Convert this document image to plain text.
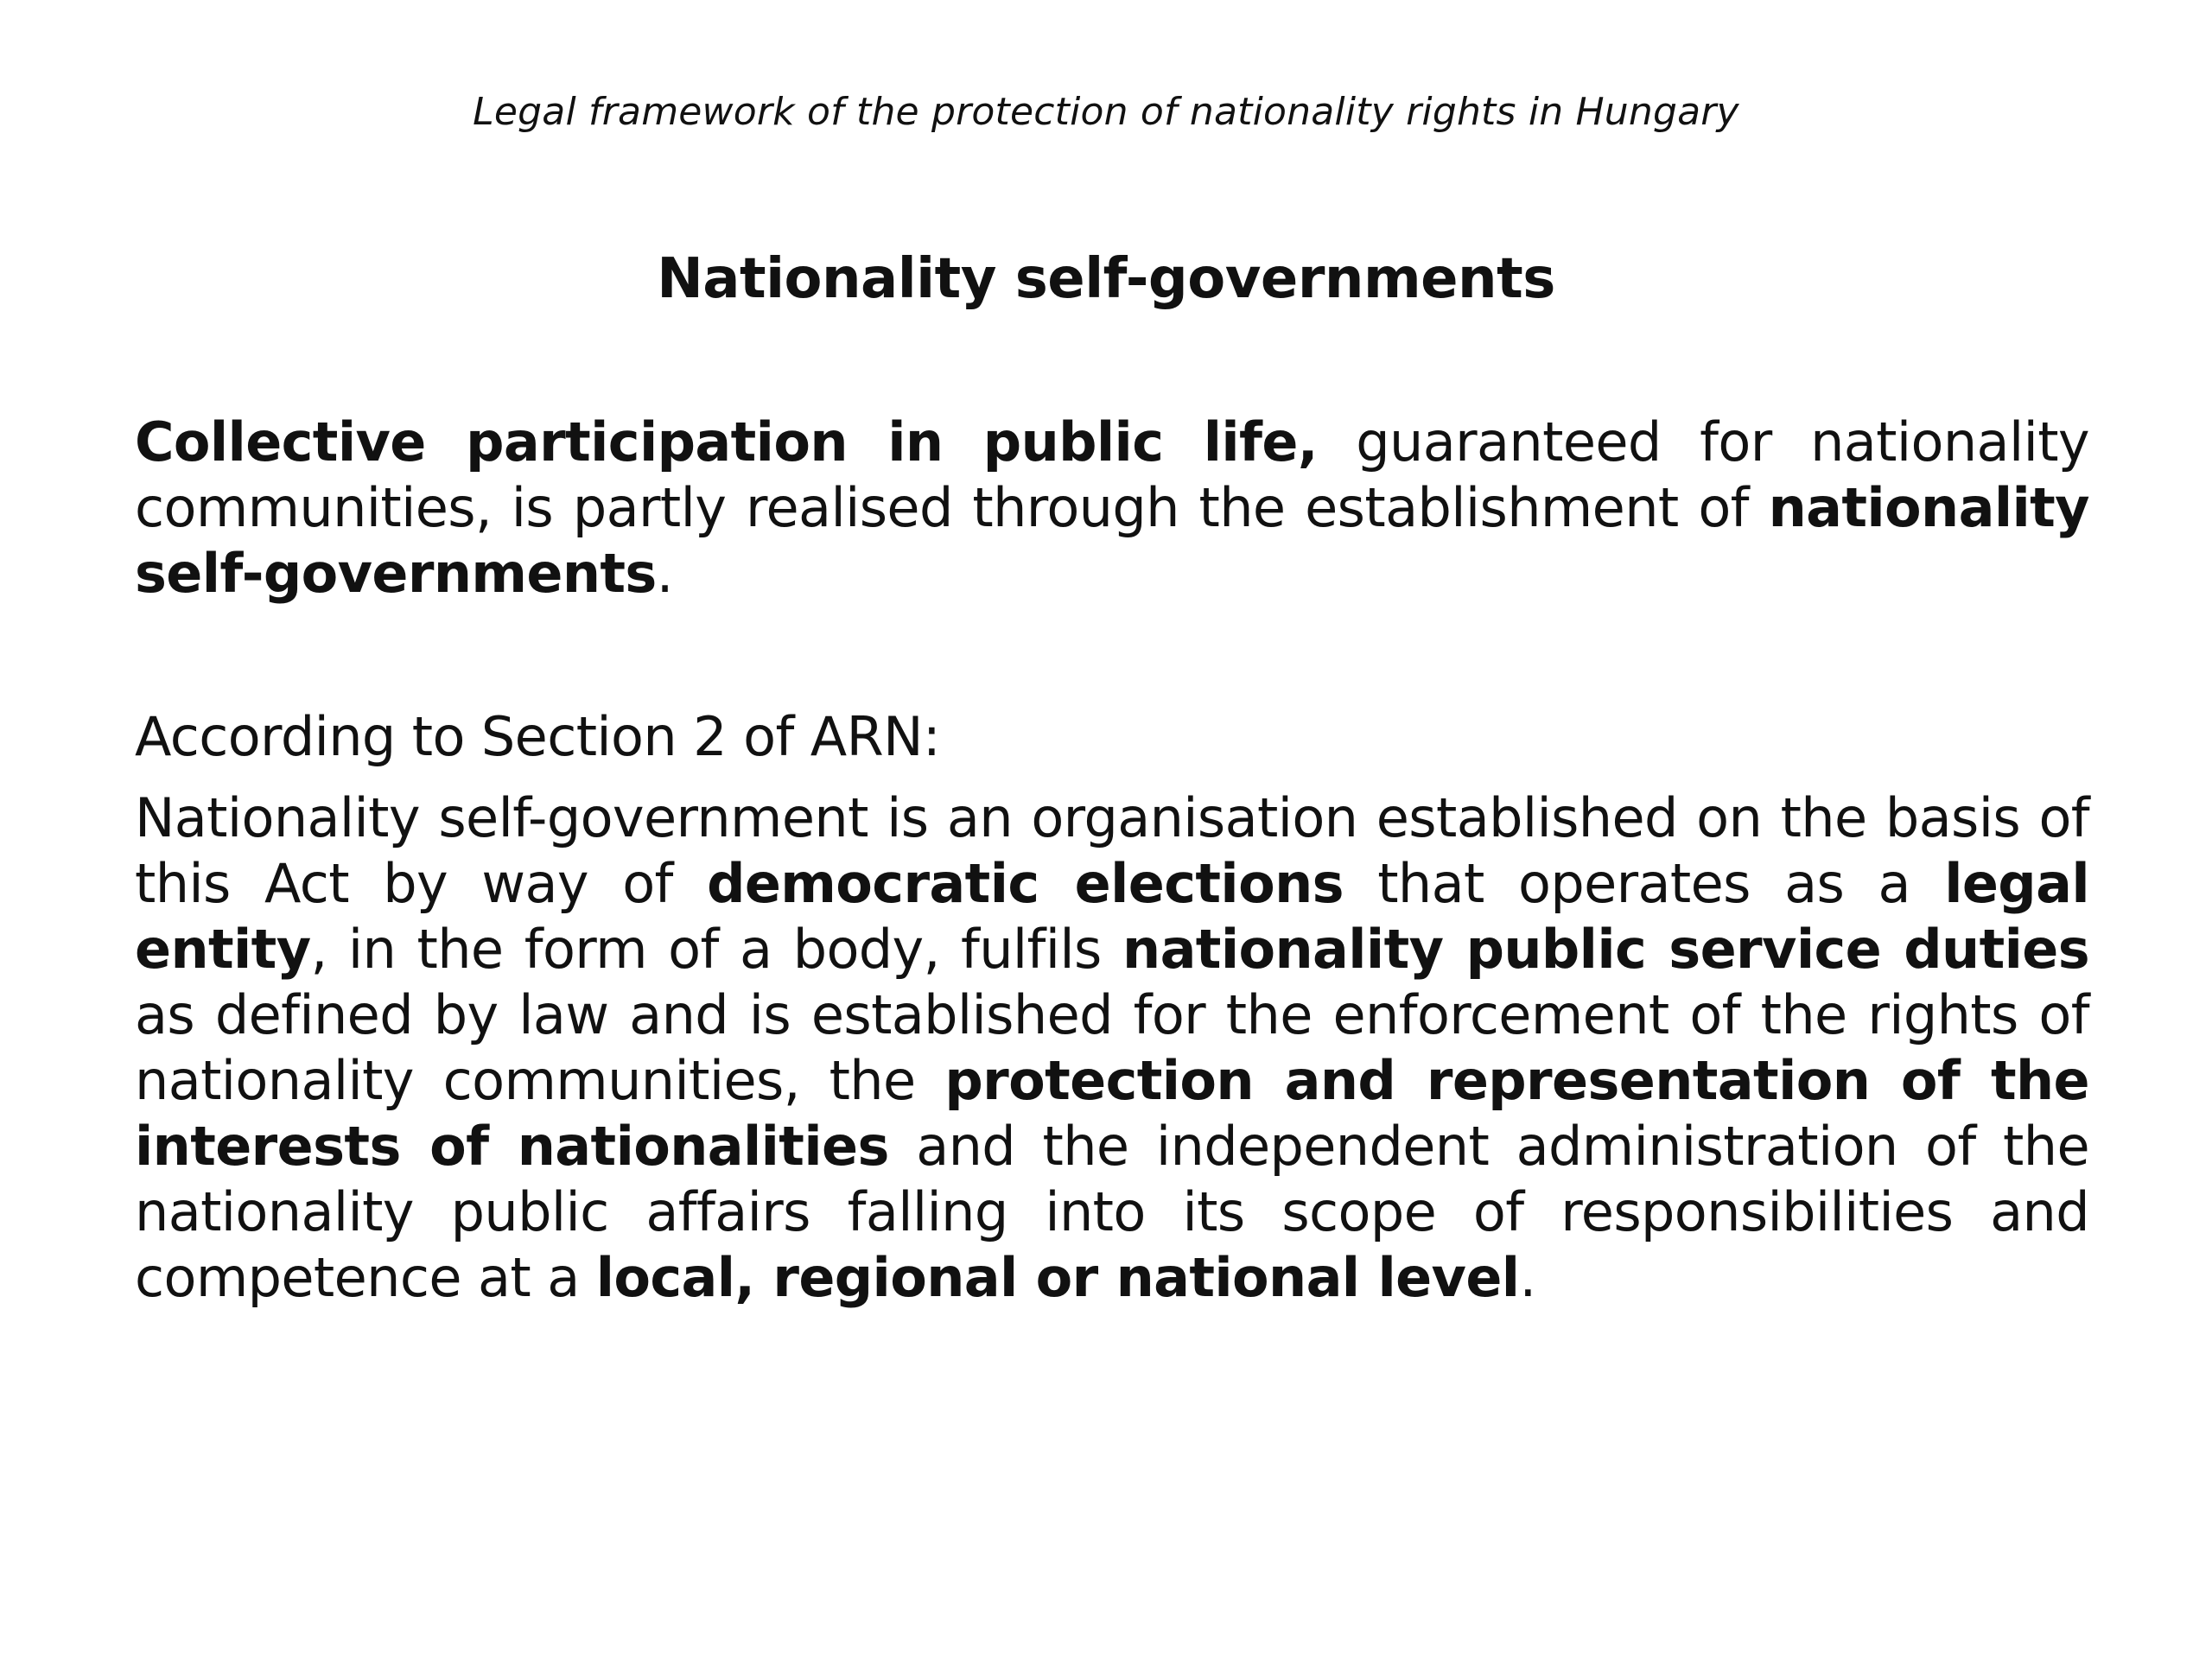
Legal framework of the protection of nationality rights in Hungary
Nationality self-governments
Collective participation in public life, guaranteed for nationality communities, is partly realised through the establishment of nationality self-governments.
According to Section 2 of ARN:
Nationality self-government is an organisation established on the basis of this Act by way of democratic elections that operates as a legal entity, in the form of a body, fulfils nationality public service duties as defined by law and is established for the enforcement of the rights of nationality communities, the protection and representation of the interests of nationalities and the independent administration of the nationality public affairs falling into its scope of responsibilities and competence at a local, regional or national level.
